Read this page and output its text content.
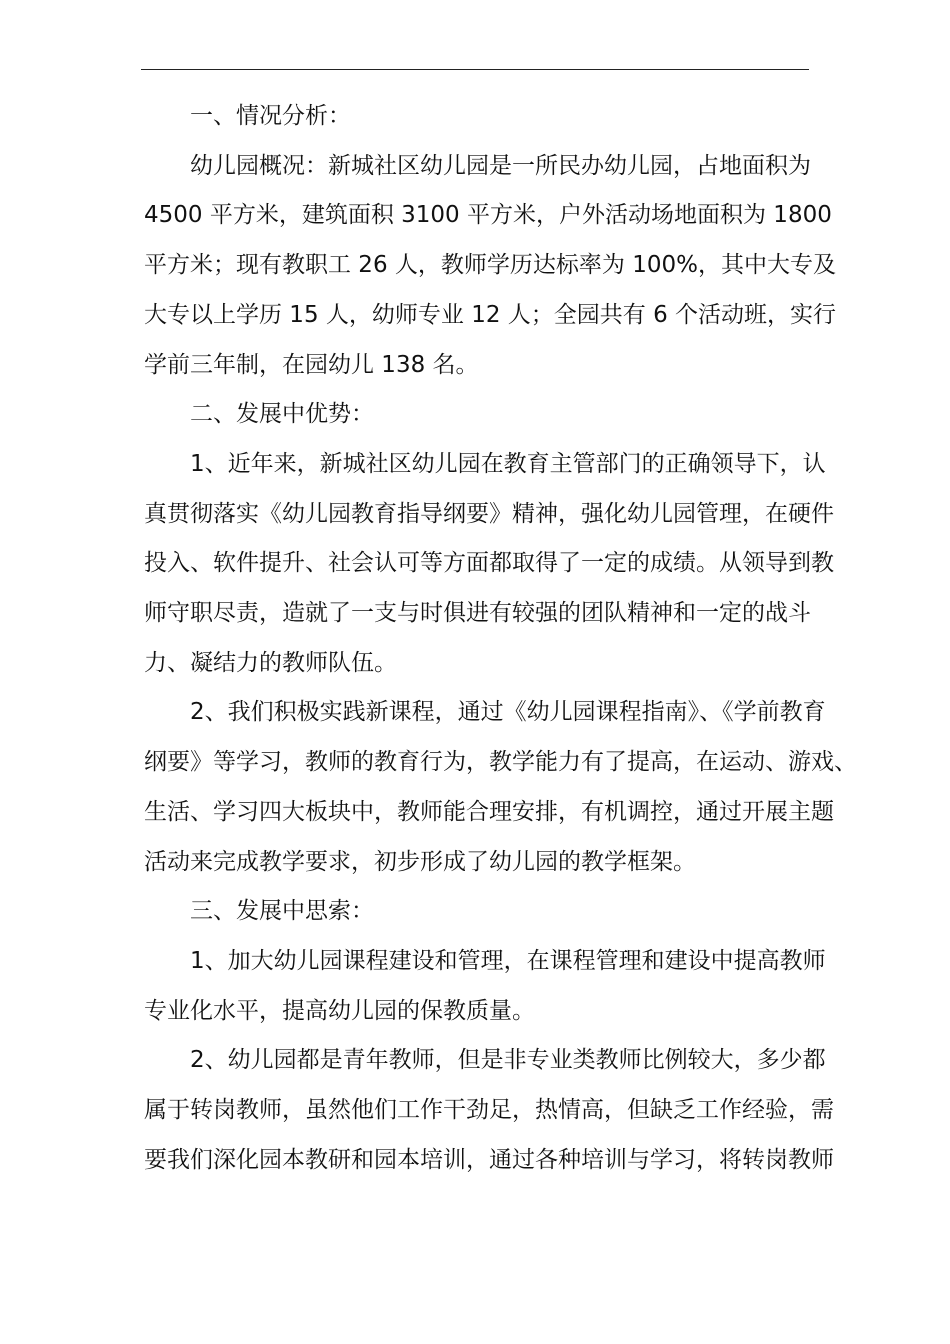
一、情况分析：
幼儿园概况：新城社区幼儿园是一所民办幼儿园，占地面积为
4500 平方米，建筑面积 3100 平方米，户外活动场地面积为 1800
平方米；现有教职工 26 人，教师学历达标率为 100%，其中大专及
大专以上学历 15 人，幼师专业 12 人；全园共有 6 个活动班，实行
学前三年制，在园幼儿 138 名。
二、发展中优势：
1、近年来，新城社区幼儿园在教育主管部门的正确领导下，认
真贯彻落实《幼儿园教育指导纲要》精神，强化幼儿园管理，在硬件
投入、软件提升、社会认可等方面都取得了一定的成绩。从领导到教
师守职尽责，造就了一支与时俱进有较强的团队精神和一定的战斗
力、凝结力的教师队伍。
2、我们积极实践新课程，通过《幼儿园课程指南》、《学前教育
纲要》等学习，教师的教育行为，教学能力有了提高，在运动、游戏、
生活、学习四大板块中，教师能合理安排，有机调控，通过开展主题
活动来完成教学要求，初步形成了幼儿园的教学框架。
三、发展中思索：
1、加大幼儿园课程建设和管理，在课程管理和建设中提高教师
专业化水平，提高幼儿园的保教质量。
2、幼儿园都是青年教师，但是非专业类教师比例较大，多少都
属于转岗教师，虽然他们工作干劲足，热情高，但缺乏工作经验，需
要我们深化园本教研和园本培训，通过各种培训与学习，将转岗教师
